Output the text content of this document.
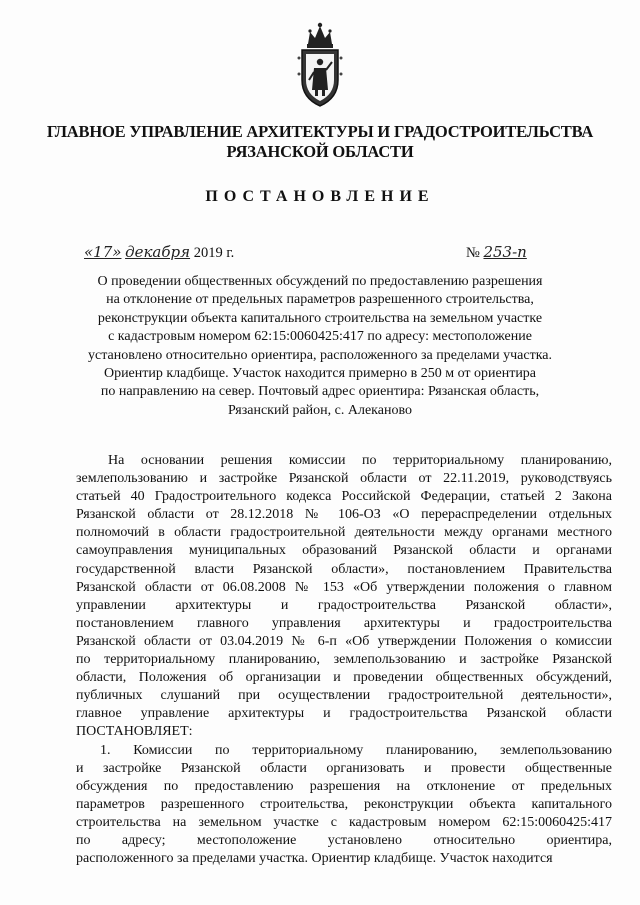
ГЛАВНОЕ УПРАВЛЕНИЕ АРХИТЕКТУРЫ И ГРАДОСТРОИТЕЛЬСТВА
РЯЗАНСКОЙ ОБЛАСТИ
ПОСТАНОВЛЕНИЕ
«17» декабря 2019 г.	№ 253-п
О проведении общественных обсуждений по предоставлению разрешения
на отклонение от предельных параметров разрешенного строительства,
реконструкции объекта капитального строительства на земельном участке
с кадастровым номером 62:15:0060425:417 по адресу: местоположение
установлено относительно ориентира, расположенного за пределами участка.
Ориентир кладбище. Участок находится примерно в 250 м от ориентира
по направлению на север. Почтовый адрес ориентира: Рязанская область,
Рязанский район, с. Алеканово
На основании решения комиссии по территориальному планированию,
землепользованию и застройке Рязанской области от 22.11.2019, руководствуясь
статьей 40 Градостроительного кодекса Российской Федерации, статьей 2 Закона
Рязанской области от 28.12.2018 № 106-ОЗ «О перераспределении отдельных
полномочий в области градостроительной деятельности между органами местного
самоуправления муниципальных образований Рязанской области и органами
государственной власти Рязанской области», постановлением Правительства
Рязанской области от 06.08.2008 № 153 «Об утверждении положения о главном
управлении архитектуры и градостроительства Рязанской области»,
постановлением главного управления архитектуры и градостроительства
Рязанской области от 03.04.2019 № 6-п «Об утверждении Положения о комиссии
по территориальному планированию, землепользованию и застройке Рязанской
области, Положения об организации и проведении общественных обсуждений,
публичных слушаний при осуществлении градостроительной деятельности»,
главное управление архитектуры и градостроительства Рязанской области
ПОСТАНОВЛЯЕТ:
1. Комиссии по территориальному планированию, землепользованию
и застройке Рязанской области организовать и провести общественные
обсуждения по предоставлению разрешения на отклонение от предельных
параметров разрешенного строительства, реконструкции объекта капитального
строительства на земельном участке с кадастровым номером 62:15:0060425:417
по адресу; местоположение установлено относительно ориентира,
расположенного за пределами участка. Ориентир кладбище. Участок находится
